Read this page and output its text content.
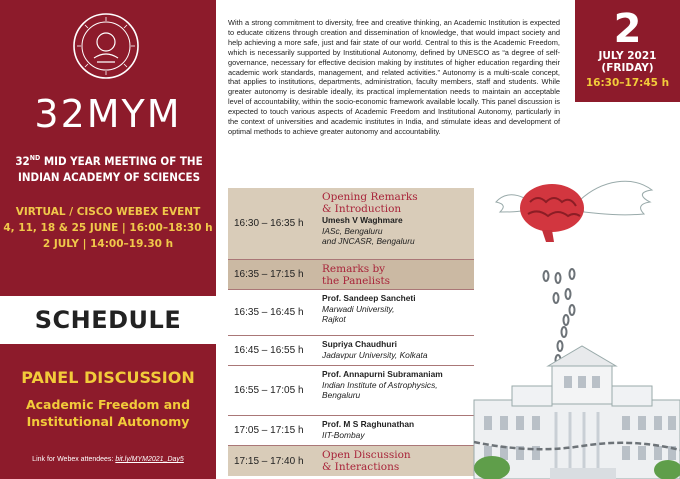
32MYM
32ND MID YEAR MEETING OF THE
INDIAN ACADEMY OF SCIENCES
VIRTUAL / CISCO WEBEX EVENT
4, 11, 18 & 25 JUNE | 16:00–18:30 h
2 JULY | 14:00–19.30 h
SCHEDULE
PANEL DISCUSSION
Academic Freedom and
Institutional Autonomy
Link for Webex attendees: bit.ly/MYM2021_Day5
With a strong commitment to diversity, free and creative thinking, an Academic Institution is expected to educate citizens through creation and dissemination of knowledge, that would impact society and help achieving a more safe, just and fair state of our world. Central to this is the Academic Freedom, which is necessarily supported by Institutional Autonomy, defined by UNESCO as “a degree of self-governance, necessary for effective decision making by institutes of higher education regarding their academic work standards, management, and related activities.” Autonomy is a multi-scale concept, that applies to institutions, departments, administration, faculty members, staff and students. While greater autonomy is desirable ideally, its practical implementation needs to maintain an acceptable level of accountability, within the socio-economic framework available locally. This panel discussion is expected to touch various aspects of Academic Freedom and Institutional Autonomy, particularly in the context of universities and academic institutes in India, and stimulate ideas and development of optimal methods to achieve greater autonomy and accountability.
2
JULY 2021
(FRIDAY)
16:30–17:45 h
16:30 – 16:35 h
Opening Remarks
& Introduction
Umesh V Waghmare
IASc, Bengaluru
and JNCASR, Bengaluru
16:35 – 17:15 h	Remarks by
the Panelists
16:35 – 16:45 h
Prof. Sandeep Sancheti
Marwadi University,
Rajkot
16:45 – 16:55 h
Supriya Chaudhuri
Jadavpur University, Kolkata
16:55 – 17:05 h
Prof. Annapurni Subramaniam
Indian Institute of Astrophysics,
Bengaluru
17:05 – 17:15 h
Prof. M S Raghunathan
IIT-Bombay
17:15 – 17:40 h	Open Discussion
& Interactions
